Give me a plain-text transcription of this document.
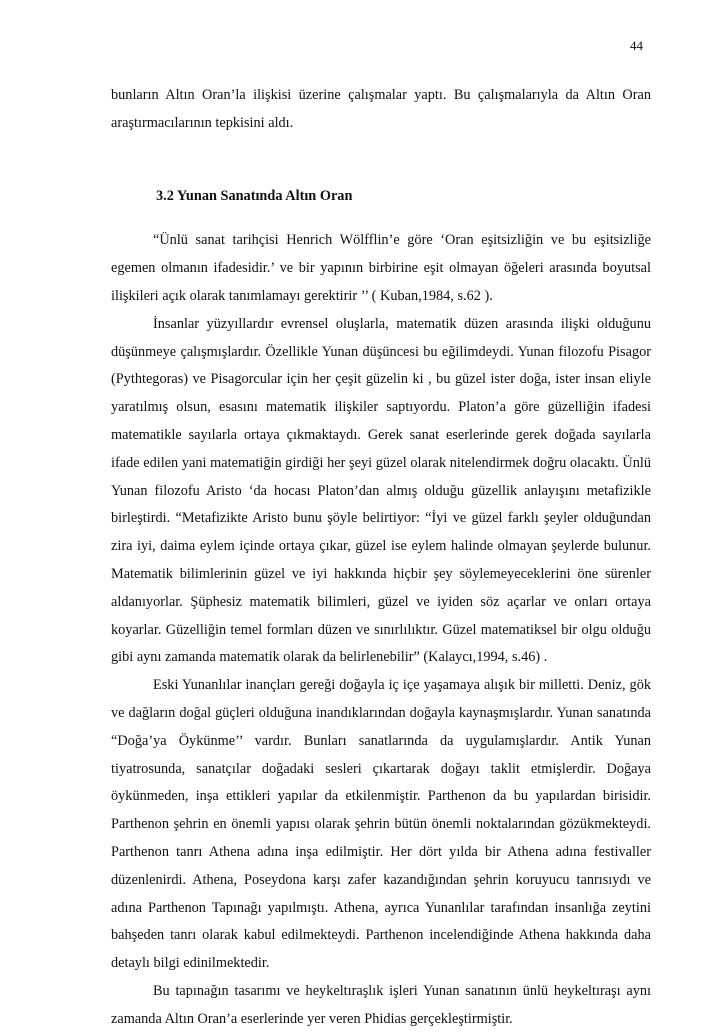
44

bunların Altın Oran’la ilişkisi üzerine çalışmalar yaptı. Bu çalışmalarıyla da Altın Oran araştırmacılarının tepkisini aldı.

3.2 Yunan Sanatında Altın Oran

“Ünlü sanat tarihçisi Henrich Wölfflin’e göre ‘Oran eşitsizliğin ve bu eşitsizliğe egemen olmanın ifadesidir.’ ve bir yapının birbirine eşit olmayan öğeleri arasında boyutsal ilişkileri açık olarak tanımlamayı gerektirir ’’ ( Kuban,1984, s.62 ).

İnsanlar yüzyıllardır evrensel oluşlarla, matematik düzen arasında ilişki olduğunu düşünmeye çalışmışlardır. Özellikle Yunan düşüncesi bu eğilimdeydi. Yunan filozofu Pisagor (Pythtegoras) ve Pisagorcular için her çeşit güzelin ki , bu güzel ister doğa, ister insan eliyle yaratılmış olsun, esasını matematik ilişkiler saptıyordu. Platon’a göre güzelliğin ifadesi matematikle sayılarla ortaya çıkmaktaydı. Gerek sanat eserlerinde gerek doğada sayılarla ifade edilen yani matematiğin girdiği her şeyi güzel olarak nitelendirmek doğru olacaktı. Ünlü Yunan filozofu Aristo ‘da hocası Platon’dan almış olduğu güzellik anlayışını metafizikle birleştirdi. “Metafizikte Aristo bunu şöyle belirtiyor: “İyi ve güzel farklı şeyler olduğundan zira iyi, daima eylem içinde ortaya çıkar, güzel ise eylem halinde olmayan şeylerde bulunur. Matematik bilimlerinin güzel ve iyi hakkında hiçbir şey söylemeyeceklerini öne sürenler aldanıyorlar. Şüphesiz matematik bilimleri, güzel ve iyiden söz açarlar ve onları ortaya koyarlar. Güzelliğin temel formları düzen ve sınırlılıktır. Güzel matematiksel bir olgu olduğu gibi aynı zamanda matematik olarak da belirlenebilir” (Kalaycı,1994, s.46) .

Eski Yunanlılar inançları gereği doğayla iç içe yaşamaya alışık bir milletti. Deniz, gök ve dağların doğal güçleri olduğuna inandıklarından doğayla kaynaşmışlardır. Yunan sanatında “Doğa’ya Öykünme’’ vardır. Bunları sanatlarında da uygulamışlardır. Antik Yunan tiyatrosunda, sanatçılar doğadaki sesleri çıkartarak doğayı taklit etmişlerdir. Doğaya öykünmeden, inşa ettikleri yapılar da etkilenmiştir. Parthenon da bu yapılardan birisidir. Parthenon şehrin en önemli yapısı olarak şehrin bütün önemli noktalarından gözükmekteydi. Parthenon tanrı Athena adına inşa edilmiştir. Her dört yılda bir Athena adına festivaller düzenlenirdi. Athena, Poseydona karşı zafer kazandığından şehrin koruyucu tanrısıydı ve adına Parthenon Tapınağı yapılmıştı. Athena, ayrıca Yunanlılar tarafından insanlığa zeytini bahşeden tanrı olarak kabul edilmekteydi. Parthenon incelendiğinde Athena hakkında daha detaylı bilgi edinilmektedir.

Bu tapınağın tasarımı ve heykeltıraşlık işleri Yunan sanatının ünlü heykeltıraşı aynı zamanda Altın Oran’a eserlerinde yer veren Phidias gerçekleştirmiştir.
